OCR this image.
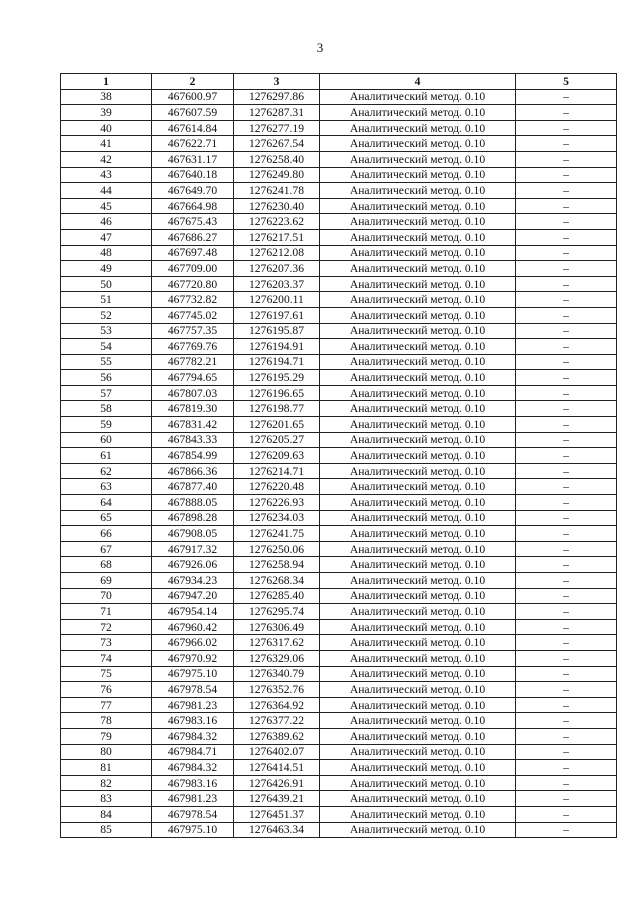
3
1	2	3	4	5
38	467600.97	1276297.86	Аналитический метод. 0.10	–
39	467607.59	1276287.31	Аналитический метод. 0.10	–
40	467614.84	1276277.19	Аналитический метод. 0.10	–
41	467622.71	1276267.54	Аналитический метод. 0.10	–
42	467631.17	1276258.40	Аналитический метод. 0.10	–
43	467640.18	1276249.80	Аналитический метод. 0.10	–
44	467649.70	1276241.78	Аналитический метод. 0.10	–
45	467664.98	1276230.40	Аналитический метод. 0.10	–
46	467675.43	1276223.62	Аналитический метод. 0.10	–
47	467686.27	1276217.51	Аналитический метод. 0.10	–
48	467697.48	1276212.08	Аналитический метод. 0.10	–
49	467709.00	1276207.36	Аналитический метод. 0.10	–
50	467720.80	1276203.37	Аналитический метод. 0.10	–
51	467732.82	1276200.11	Аналитический метод. 0.10	–
52	467745.02	1276197.61	Аналитический метод. 0.10	–
53	467757.35	1276195.87	Аналитический метод. 0.10	–
54	467769.76	1276194.91	Аналитический метод. 0.10	–
55	467782.21	1276194.71	Аналитический метод. 0.10	–
56	467794.65	1276195.29	Аналитический метод. 0.10	–
57	467807.03	1276196.65	Аналитический метод. 0.10	–
58	467819.30	1276198.77	Аналитический метод. 0.10	–
59	467831.42	1276201.65	Аналитический метод. 0.10	–
60	467843.33	1276205.27	Аналитический метод. 0.10	–
61	467854.99	1276209.63	Аналитический метод. 0.10	–
62	467866.36	1276214.71	Аналитический метод. 0.10	–
63	467877.40	1276220.48	Аналитический метод. 0.10	–
64	467888.05	1276226.93	Аналитический метод. 0.10	–
65	467898.28	1276234.03	Аналитический метод. 0.10	–
66	467908.05	1276241.75	Аналитический метод. 0.10	–
67	467917.32	1276250.06	Аналитический метод. 0.10	–
68	467926.06	1276258.94	Аналитический метод. 0.10	–
69	467934.23	1276268.34	Аналитический метод. 0.10	–
70	467947.20	1276285.40	Аналитический метод. 0.10	–
71	467954.14	1276295.74	Аналитический метод. 0.10	–
72	467960.42	1276306.49	Аналитический метод. 0.10	–
73	467966.02	1276317.62	Аналитический метод. 0.10	–
74	467970.92	1276329.06	Аналитический метод. 0.10	–
75	467975.10	1276340.79	Аналитический метод. 0.10	–
76	467978.54	1276352.76	Аналитический метод. 0.10	–
77	467981.23	1276364.92	Аналитический метод. 0.10	–
78	467983.16	1276377.22	Аналитический метод. 0.10	–
79	467984.32	1276389.62	Аналитический метод. 0.10	–
80	467984.71	1276402.07	Аналитический метод. 0.10	–
81	467984.32	1276414.51	Аналитический метод. 0.10	–
82	467983.16	1276426.91	Аналитический метод. 0.10	–
83	467981.23	1276439.21	Аналитический метод. 0.10	–
84	467978.54	1276451.37	Аналитический метод. 0.10	–
85	467975.10	1276463.34	Аналитический метод. 0.10	–
